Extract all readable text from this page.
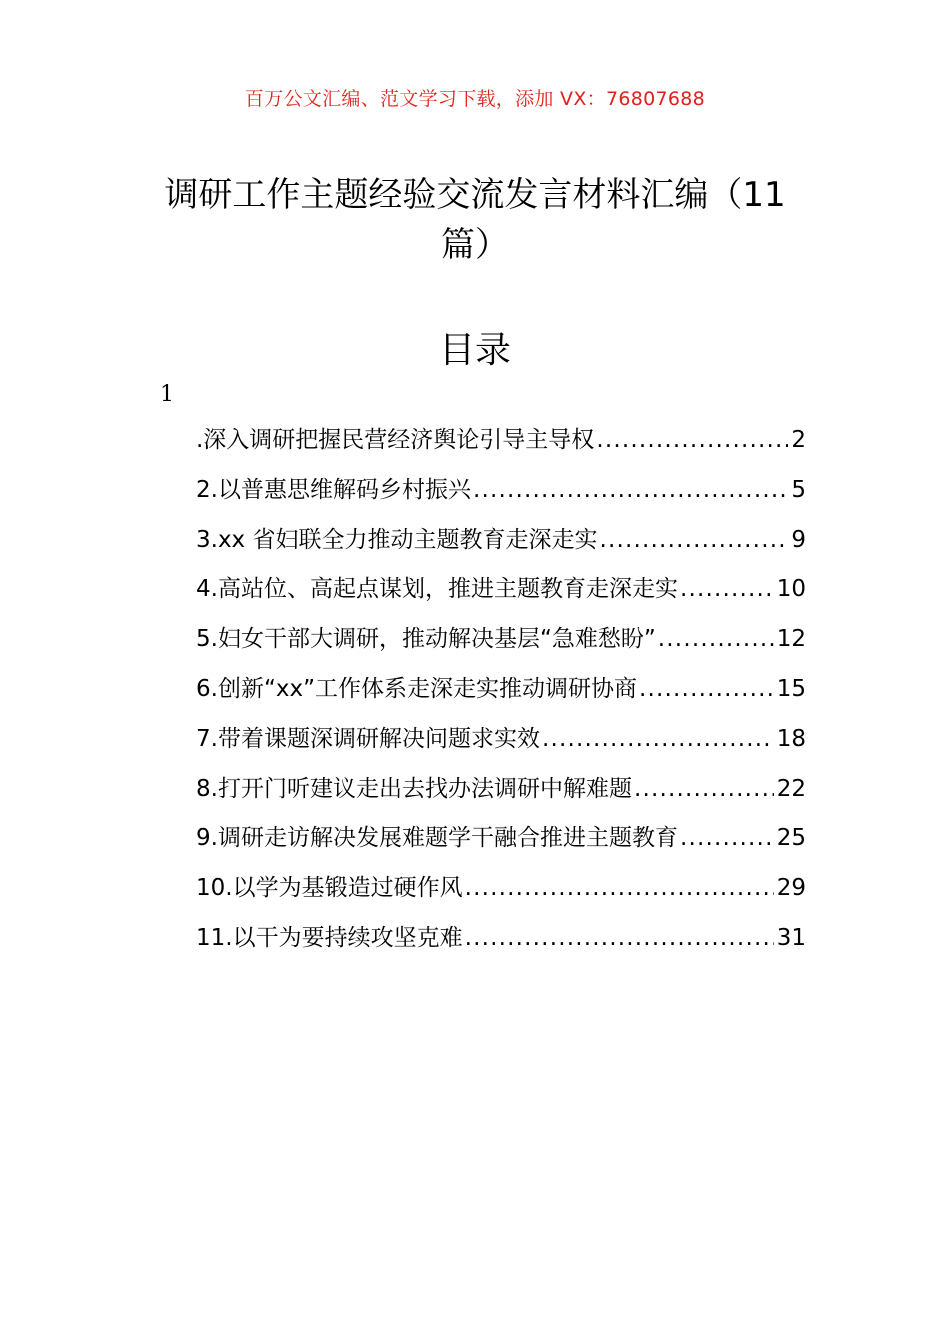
百万公文汇编、范文学习下载，添加 VX：76807688
调研工作主题经验交流发言材料汇编（11篇）
目录
1
.深入调研把握民营经济舆论引导主导权 .....	2
2.以普惠思维解码乡村振兴 .....	5
3.xx 省妇联全力推动主题教育走深走实 .....	9
4.高站位、高起点谋划，推进主题教育走深走实 .....	10
5.妇女干部大调研，推动解决基层“急难愁盼” .....	12
6.创新“xx”工作体系走深走实推动调研协商 .....	15
7.带着课题深调研解决问题求实效 .....	18
8.打开门听建议走出去找办法调研中解难题 .....	22
9.调研走访解决发展难题学干融合推进主题教育 .....	25
10.以学为基锻造过硬作风 .....	29
11.以干为要持续攻坚克难 .....	31
